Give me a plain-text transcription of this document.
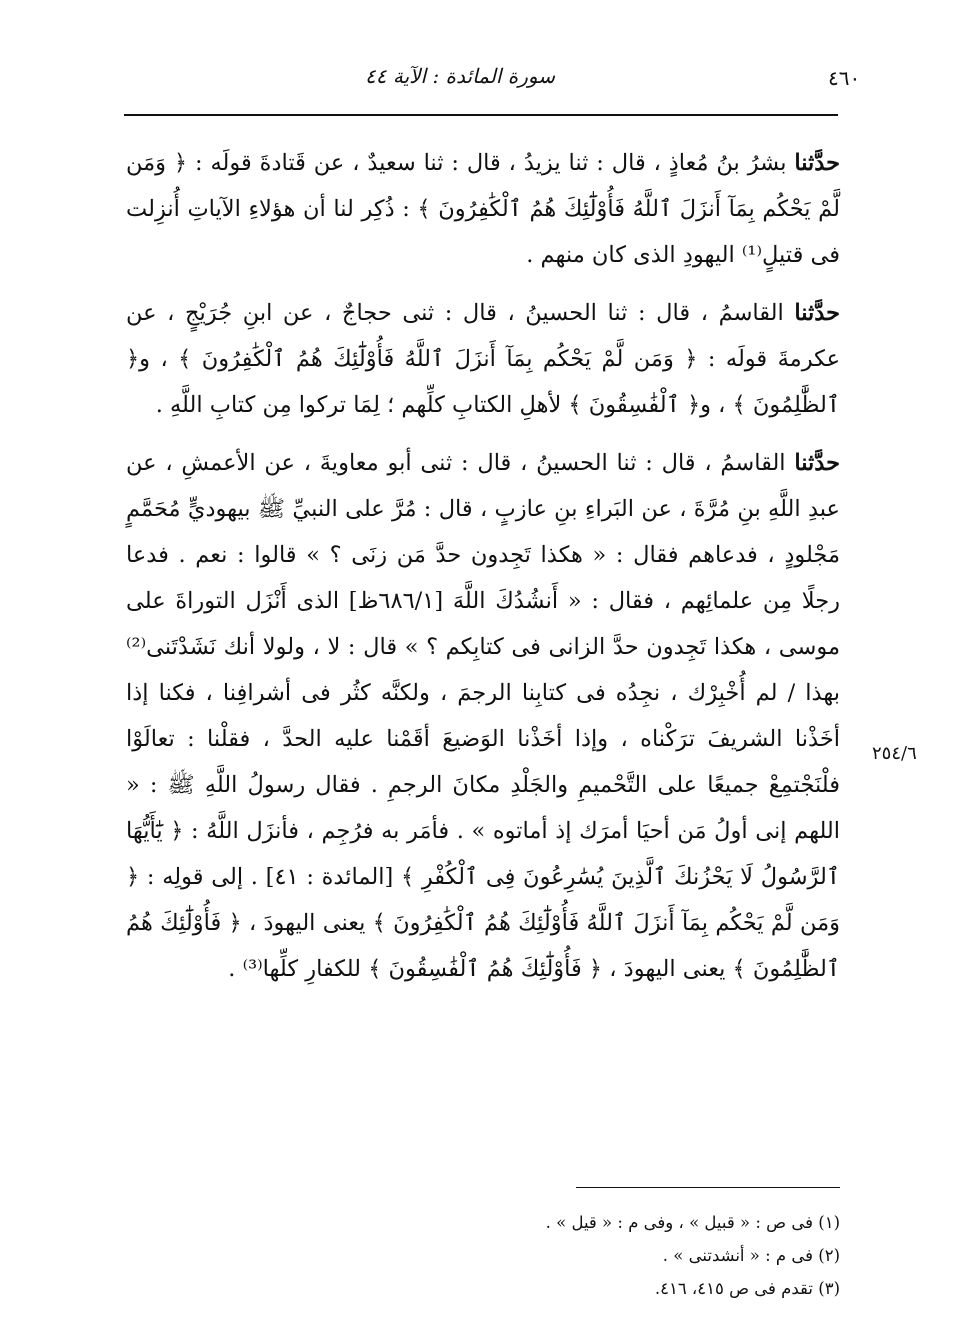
٤٦٠
سورة المائدة : الآية ٤٤

حدَّثنا بشرُ بنُ مُعاذٍ ، قال : ثنا يزيدُ ، قال : ثنا سعيدٌ ، عن قَتادةَ قولَه : ﴿ وَمَن لَّمْ يَحْكُم بِمَآ أَنزَلَ ٱللَّهُ فَأُوْلَٰٓئِكَ هُمُ ٱلْكَٰفِرُونَ ﴾ : ذُكِر لنا أن هؤلاءِ الآياتِ أُنزِلت فى قتيلٍ⁽¹⁾ اليهودِ الذى كان منهم .

حدَّثنا القاسمُ ، قال : ثنا الحسينُ ، قال : ثنى حجاجٌ ، عن ابنِ جُرَيْجٍ ، عن عكرمةَ قولَه : ﴿ وَمَن لَّمْ يَحْكُم بِمَآ أَنزَلَ ٱللَّهُ فَأُوْلَٰٓئِكَ هُمُ ٱلْكَٰفِرُونَ ﴾ ، و﴿ ٱلظَّٰلِمُونَ ﴾ ، و﴿ ٱلْفَٰسِقُونَ ﴾ لأهلِ الكتابِ كلِّهم ؛ لِمَا تركوا مِن كتابِ اللَّهِ .

حدَّثنا القاسمُ ، قال : ثنا الحسينُ ، قال : ثنى أبو معاويةَ ، عن الأعمشِ ، عن عبدِ اللَّهِ بنِ مُرَّةَ ، عن البَراءِ بنِ عازبٍ ، قال : مُرَّ على النبيِّ ﷺ بيهوديٍّ مُحَمَّمٍ مَجْلودٍ ، فدعاهم فقال : « هكذا تَجِدون حدَّ مَن زنَى ؟ » قالوا : نعم . فدعا رجلًا مِن علمائِهم ، فقال : « أَنشُدُكَ اللَّهَ [٦٨٦/١ظ] الذى أَنْزَل التوراةَ على موسى ، هكذا تَجِدون حدَّ الزانى فى كتابِكم ؟ » قال : لا ، ولولا أنك نَشَدْتَنى⁽²⁾ بهذا / لم أُخْبِرْك ، نجِدُه فى كتابِنا الرجمَ ، ولكنَّه كثُر فى أشرافِنا ، فكنا إذا أخَذْنا الشريفَ ترَكْناه ، وإذا أخَذْنا الوَضيعَ أقَمْنا عليه الحدَّ ، فقلْنا : تعالَوْا فلْنَجْتمِعْ جميعًا على التَّحْميمِ والجَلْدِ مكانَ الرجمِ . فقال رسولُ اللَّهِ ﷺ : « اللهم إنى أولُ مَن أحيَا أمرَك إذ أماتوه » . فأمَر به فرُجِم ، فأنزَل اللَّهُ : ﴿ يَٰٓأَيُّهَا ٱلرَّسُولُ لَا يَحْزُنكَ ٱلَّذِينَ يُسَٰرِعُونَ فِى ٱلْكُفْرِ ﴾ [المائدة : ٤١] . إلى قولِه : ﴿ وَمَن لَّمْ يَحْكُم بِمَآ أَنزَلَ ٱللَّهُ فَأُوْلَٰٓئِكَ هُمُ ٱلْكَٰفِرُونَ ﴾ يعنى اليهودَ ، ﴿ فَأُوْلَٰٓئِكَ هُمُ ٱلظَّٰلِمُونَ ﴾ يعنى اليهودَ ، ﴿ فَأُوْلَٰٓئِكَ هُمُ ٱلْفَٰسِقُونَ ﴾ للكفارِ كلِّها⁽³⁾ .

٢٥٤/٦

(١) فى ص : « قبيل » ، وفى م : « قيل » .

(٢) فى م : « أنشدتنى » .

(٣) تقدم فى ص ٤١٥، ٤١٦.
